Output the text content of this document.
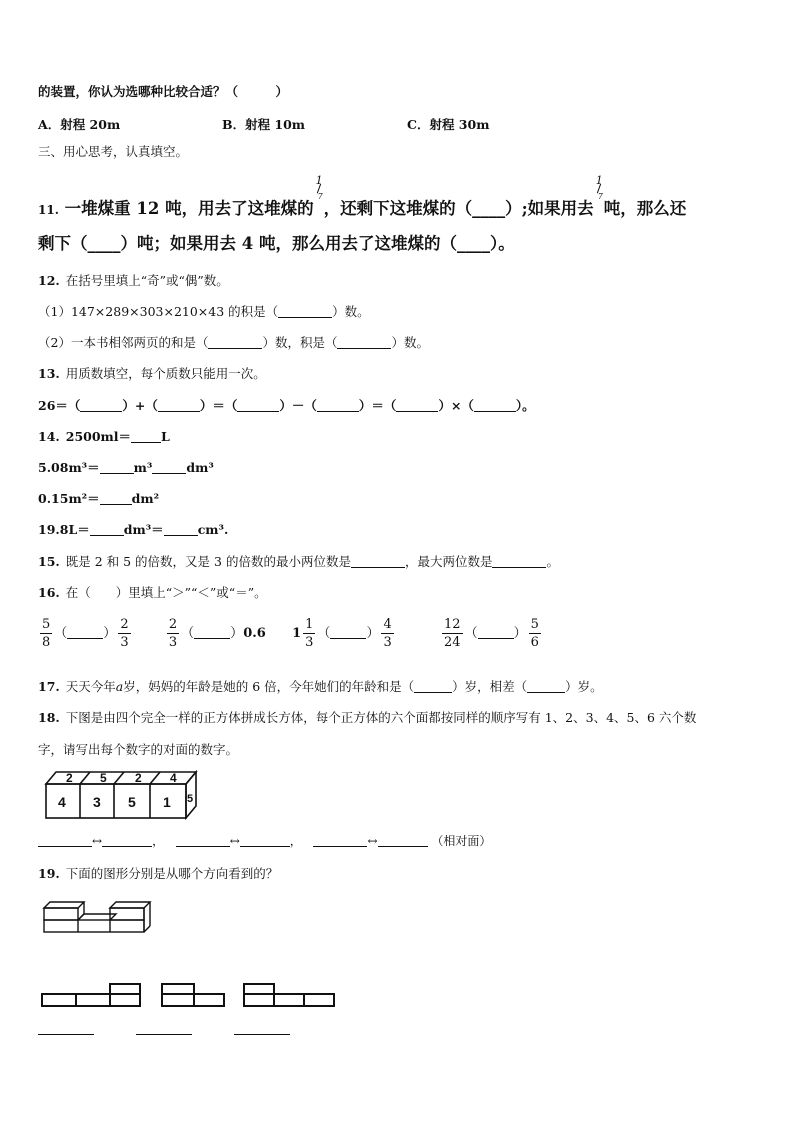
的装置，你认为选哪种比较合适？（　　　）
A．射程 20m	B．射程 10m	C．射程 30m
三、用心思考，认真填空。
11. 一堆煤重 12 吨，用去了这堆煤的
1
7
，还剩下这堆煤的（____）;如果用去
1
7
吨，那么还
剩下（____）吨；如果用去 4 吨，那么用去了这堆煤的（____）。
12. 在括号里填上“奇”或“偶”数。
（1）147×289×303×210×43 的积是（	）数。
（2）一本书相邻两页的和是（	）数，积是（	）数。
13. 用质数填空，每个质数只能用一次。
26＝（	）+（	）＝（	）－（	）＝（	）×（	）。
14. 2500ml＝ L
5.08m³＝	m³	dm³
0.15m²＝	dm²
19.8L＝	dm³＝	cm³.
15. 既是 2 和 5 的倍数，又是 3 的倍数的最小两位数是	，最大两位数是	。
16. 在（　　）里填上“＞”“＜”或“＝”。
$\frac{5}{8}$ （	） $\frac{2}{3}$
	$\frac{2}{3}$ （	）0.6 $1 \frac{1}{3}$ （	） $\frac{4}{3}$
	$\frac{12}{24}$ （	） $\frac{5}{6}$
17. 天天今年a岁，妈妈的年龄是她的 6 倍，今年她们的年龄和是（	）岁，相差（	）岁。
18. 下图是由四个完全一样的正方体拼成长方体，每个正方体的六个面都按同样的顺序写有 1、2、3、4、5、6 六个数
字，请写出每个数字的对面的数字。
2 5 2 4
4 3 5 1 5
↔	，	↔	，	↔	（相对面）
19. 下面的图形分别是从哪个方向看到的？
